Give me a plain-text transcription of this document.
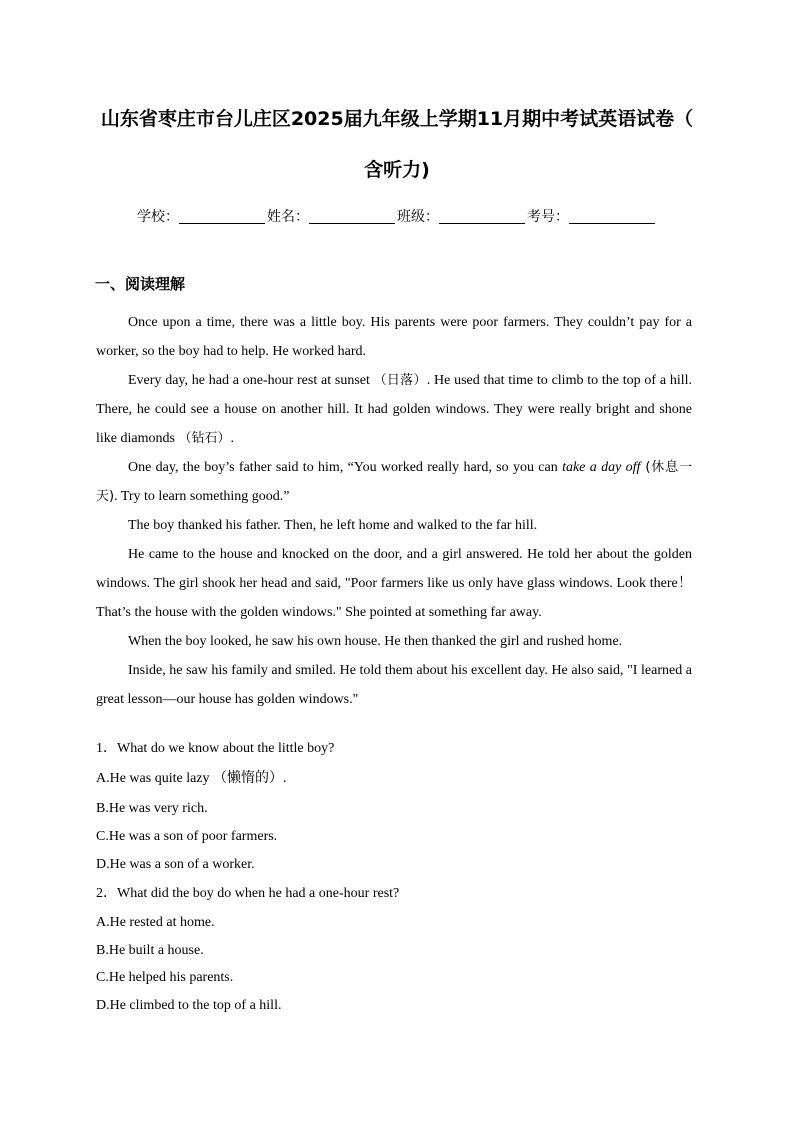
山东省枣庄市台儿庄区2025届九年级上学期11月期中考试英语试卷（
含听力)
学校：	姓名：	班级：	考号：
一、阅读理解

Once upon a time, there was a little boy. His parents were poor farmers. They couldn’t pay for a worker, so the boy had to help. He worked hard.

Every day, he had a one-hour rest at sunset （日落）. He used that time to climb to the top of a hill. There, he could see a house on another hill. It had golden windows. They were really bright and shone like diamonds （钻石）.

One day, the boy’s father said to him, “You worked really hard, so you can take a day off (休息一天). Try to learn something good.”

The boy thanked his father. Then, he left home and walked to the far hill.

He came to the house and knocked on the door, and a girl answered. He told her about the golden windows. The girl shook her head and said, "Poor farmers like us only have glass windows. Look there！ That’s the house with the golden windows." She pointed at something far away.

When the boy looked, he saw his own house. He then thanked the girl and rushed home.

Inside, he saw his family and smiled. He told them about his excellent day. He also said, "I learned a great lesson—our house has golden windows."

1．What do we know about the little boy?
A.He was quite lazy （懒惰的）.
B.He was very rich.
C.He was a son of poor farmers.
D.He was a son of a worker.
2．What did the boy do when he had a one-hour rest?
A.He rested at home.
B.He built a house.
C.He helped his parents.
D.He climbed to the top of a hill.
